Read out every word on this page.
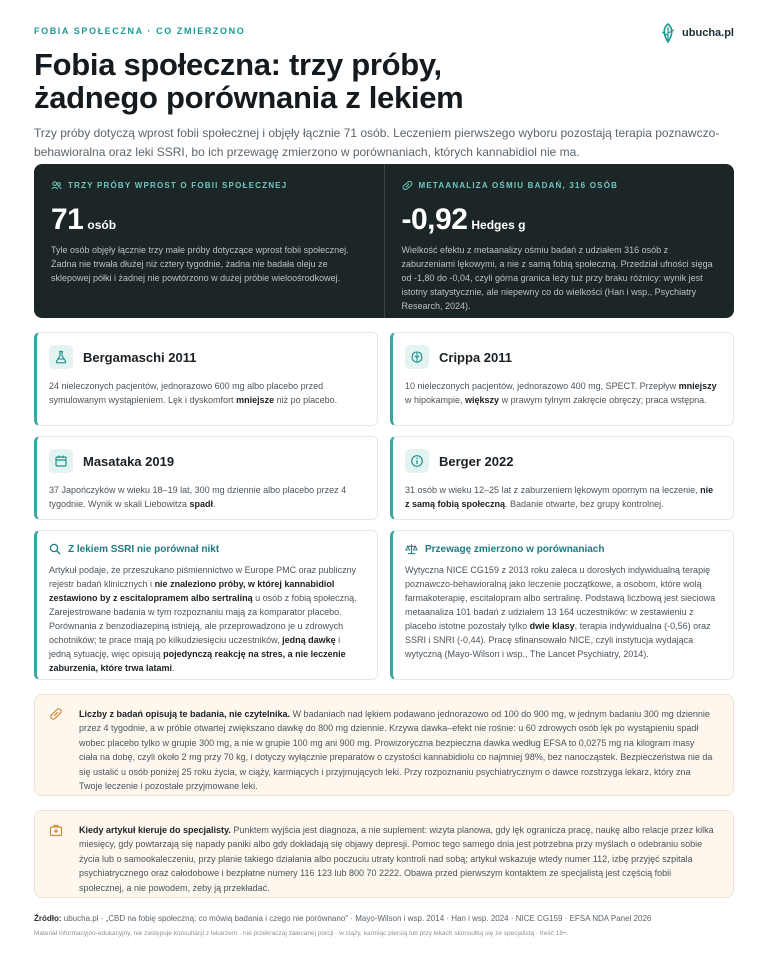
FOBIA SPOŁECZNA · CO ZMIERZONO	ubucha.pl
Fobia społeczna: trzy próby,
żadnego porównania z lekiem

Trzy próby dotyczą wprost fobii społecznej i objęły łącznie 71 osób. Leczeniem pierwszego wyboru pozostają terapia poznawczo-behawioralna oraz leki SSRI, bo ich przewagę zmierzono w porównaniach, których kannabidiol nie ma.

TRZY PRÓBY WPROST O FOBII SPOŁECZNEJ
71 osób

Tyle osób objęły łącznie trzy małe próby dotyczące wprost fobii społecznej. Żadna nie trwała dłużej niż cztery tygodnie, żadna nie badała oleju ze sklepowej półki i żadnej nie powtórzono w dużej próbie wieloośrodkowej.

METAANALIZA OŚMIU BADAŃ, 316 OSÓB
-0,92 Hedges g

Wielkość efektu z metaanalizy ośmiu badań z udziałem 316 osób z zaburzeniami lękowymi, a nie z samą fobią społeczną. Przedział ufności sięga od -1,80 do -0,04, czyli górna granica leży tuż przy braku różnicy: wynik jest istotny statystycznie, ale niepewny co do wielkości (Han i wsp., Psychiatry Research, 2024).

Bergamaschi 2011

24 nieleczonych pacjentów, jednorazowo 600 mg albo placebo przed symulowanym wystąpieniem. Lęk i dyskomfort mniejsze niż po placebo.

Crippa 2011

10 nieleczonych pacjentów, jednorazowo 400 mg, SPECT. Przepływ mniejszy w hipokampie, większy w prawym tylnym zakręcie obręczy; praca wstępna.

Masataka 2019

37 Japończyków w wieku 18–19 lat, 300 mg dziennie albo placebo przez 4 tygodnie. Wynik w skali Liebowitza spadł.

Berger 2022

31 osób w wieku 12–25 lat z zaburzeniem lękowym opornym na leczenie, nie z samą fobią społeczną. Badanie otwarte, bez grupy kontrolnej.

Z lekiem SSRI nie porównał nikt

Artykuł podaje, że przeszukano piśmiennictwo w Europe PMC oraz publiczny rejestr badań klinicznych i nie znaleziono próby, w której kannabidiol zestawiono by z escitalopramem albo sertraliną u osób z fobią społeczną. Zarejestrowane badania w tym rozpoznaniu mają za komparator placebo. Porównania z benzodiazepiną istnieją, ale przeprowadzono je u zdrowych ochotników; te prace mają po kilkudziesięciu uczestników, jedną dawkę i jedną sytuację, więc opisują pojedynczą reakcję na stres, a nie leczenie zaburzenia, które trwa latami.

Przewagę zmierzono w porównaniach

Wytyczna NICE CG159 z 2013 roku zaleca u dorosłych indywidualną terapię poznawczo-behawioralną jako leczenie początkowe, a osobom, które wolą farmakoterapię, escitalopram albo sertralinę. Podstawą liczbową jest sieciowa metaanaliza 101 badań z udziałem 13 164 uczestników: w zestawieniu z placebo istotne pozostały tylko dwie klasy, terapia indywidualna (-0,56) oraz SSRI i SNRI (-0,44). Pracę sfinansowało NICE, czyli instytucja wydająca wytyczną (Mayo-Wilson i wsp., The Lancet Psychiatry, 2014).

Liczby z badań opisują te badania, nie czytelnika. W badaniach nad lękiem podawano jednorazowo od 100 do 900 mg, w jednym badaniu 300 mg dziennie przez 4 tygodnie, a w próbie otwartej zwiększano dawkę do 800 mg dziennie. Krzywa dawka–efekt nie rośnie: u 60 zdrowych osób lęk po wystąpieniu spadł wobec placebo tylko w grupie 300 mg, a nie w grupie 100 mg ani 900 mg. Prowizoryczna bezpieczna dawka według EFSA to 0,0275 mg na kilogram masy ciała na dobę, czyli około 2 mg przy 70 kg, i dotyczy wyłącznie preparatów o czystości kannabidiolu co najmniej 98%, bez nanocząstek. Bezpieczeństwa nie da się ustalić u osób poniżej 25 roku życia, w ciąży, karmiących i przyjmujących leki. Przy rozpoznaniu psychiatrycznym o dawce rozstrzyga lekarz, który zna Twoje leczenie i pozostałe przyjmowane leki.

Kiedy artykuł kieruje do specjalisty. Punktem wyjścia jest diagnoza, a nie suplement: wizyta planowa, gdy lęk ogranicza pracę, naukę albo relacje przez kilka miesięcy, gdy powtarzają się napady paniki albo gdy dokładają się objawy depresji. Pomoc tego samego dnia jest potrzebna przy myślach o odebraniu sobie życia lub o samookaleczeniu, przy planie takiego działania albo poczuciu utraty kontroli nad sobą; artykuł wskazuje wtedy numer 112, izbę przyjęć szpitala psychiatrycznego oraz całodobowe i bezpłatne numery 116 123 lub 800 70 2222. Obawa przed pierwszym kontaktem ze specjalistą jest częścią fobii społecznej, a nie powodem, żeby ją przekładać.

Źródło: ubucha.pl · „CBD na fobię społeczną: co mówią badania i czego nie porównano" · Mayo-Wilson i wsp. 2014 · Han i wsp. 2024 · NICE CG159 · EFSA NDA Panel 2026

Materiał informacyjno-edukacyjny, nie zastępuje konsultacji z lekarzem · nie przekraczaj zalecanej porcji · w ciąży, karmiąc piersią lub przy lekach skonsultuj się ze specjalistą · treść 18+.
